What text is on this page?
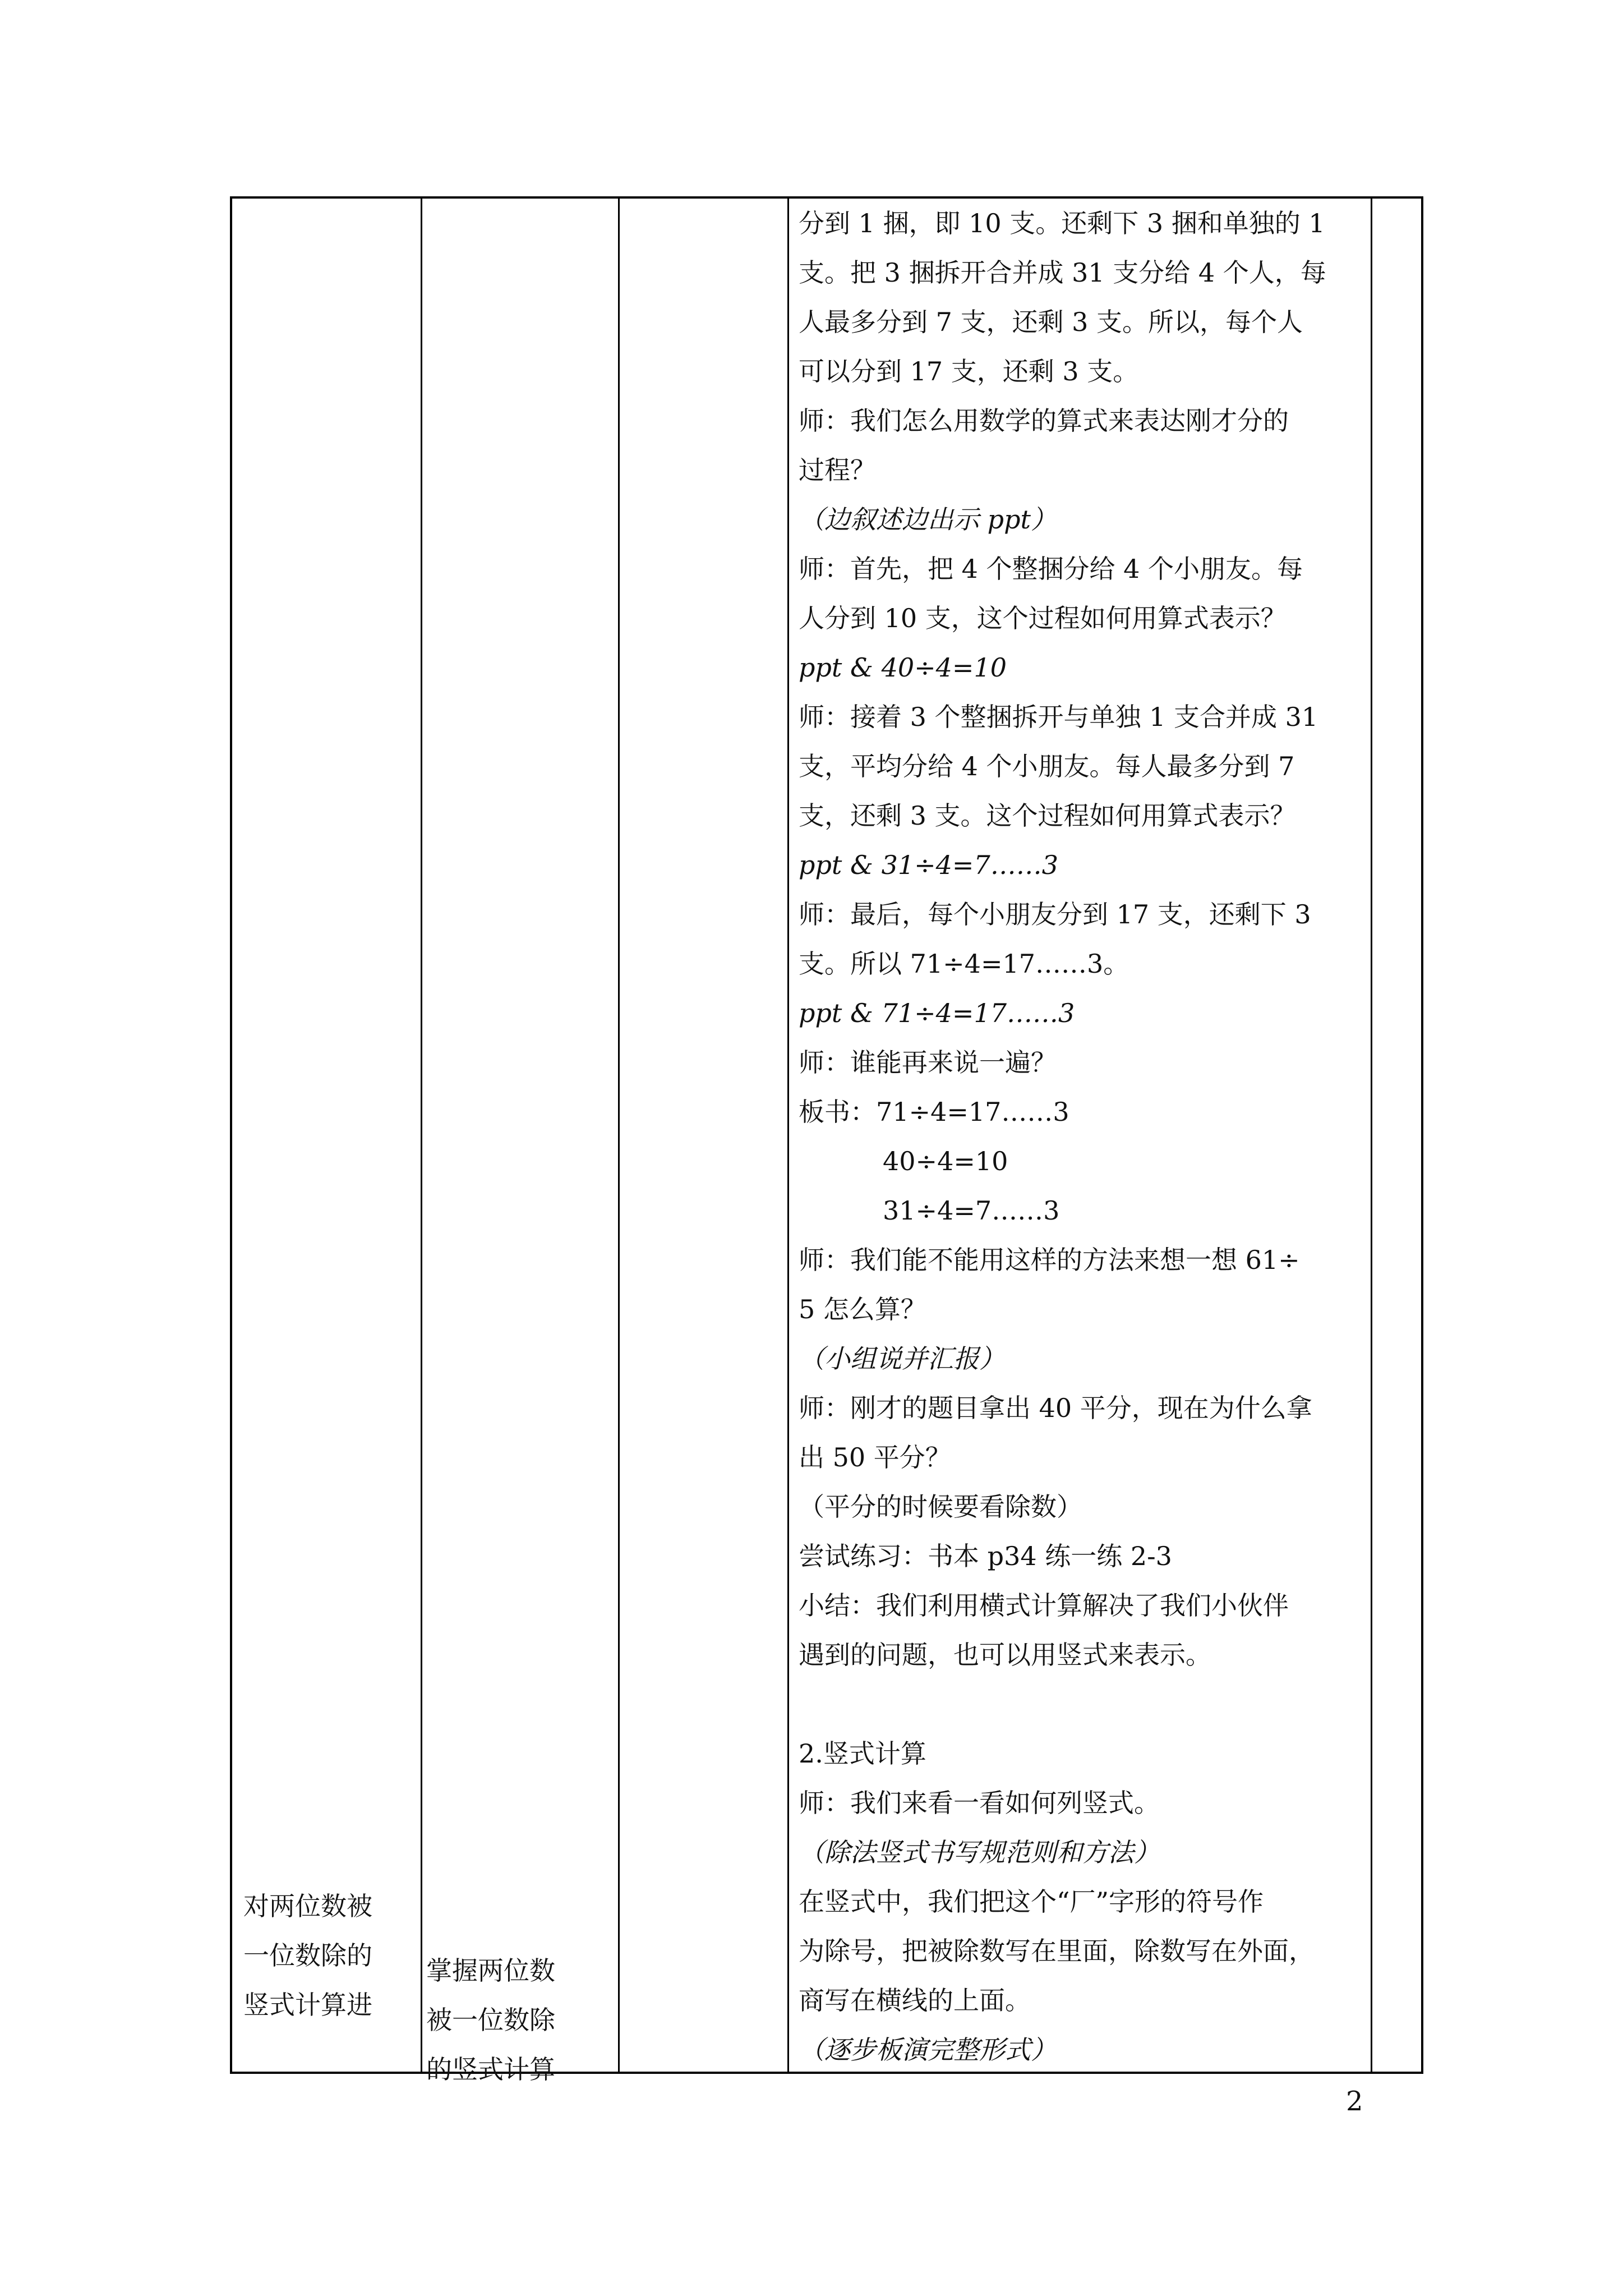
对两位数被
一位数除的
竖式计算进
掌握两位数
被一位数除
的竖式计算
分到 1 捆，即 10 支。还剩下 3 捆和单独的 1
支。把 3 捆拆开合并成 31 支分给 4 个人，每
人最多分到 7 支，还剩 3 支。所以，每个人
可以分到 17 支，还剩 3 支。
师：我们怎么用数学的算式来表达刚才分的
过程？
（边叙述边出示 ppt）
师：首先，把 4 个整捆分给 4 个小朋友。每
人分到 10 支，这个过程如何用算式表示？
ppt & 40÷4=10
师：接着 3 个整捆拆开与单独 1 支合并成 31
支，平均分给 4 个小朋友。每人最多分到 7
支，还剩 3 支。这个过程如何用算式表示？
ppt & 31÷4=7……3
师：最后，每个小朋友分到 17 支，还剩下 3
支。所以 71÷4=17……3。
ppt & 71÷4=17……3
师：谁能再来说一遍？
板书：71÷4=17……3
40÷4=10
31÷4=7……3
师：我们能不能用这样的方法来想一想 61÷
5 怎么算？
（小组说并汇报）
师：刚才的题目拿出 40 平分，现在为什么拿
出 50 平分？
（平分的时候要看除数）
尝试练习：书本 p34 练一练 2-3
小结：我们利用横式计算解决了我们小伙伴
遇到的问题，也可以用竖式来表示。
2.竖式计算
师：我们来看一看如何列竖式。
（除法竖式书写规范则和方法）
在竖式中，我们把这个“厂”字形的符号作
为除号，把被除数写在里面，除数写在外面，
商写在横线的上面。
（逐步板演完整形式）
2
